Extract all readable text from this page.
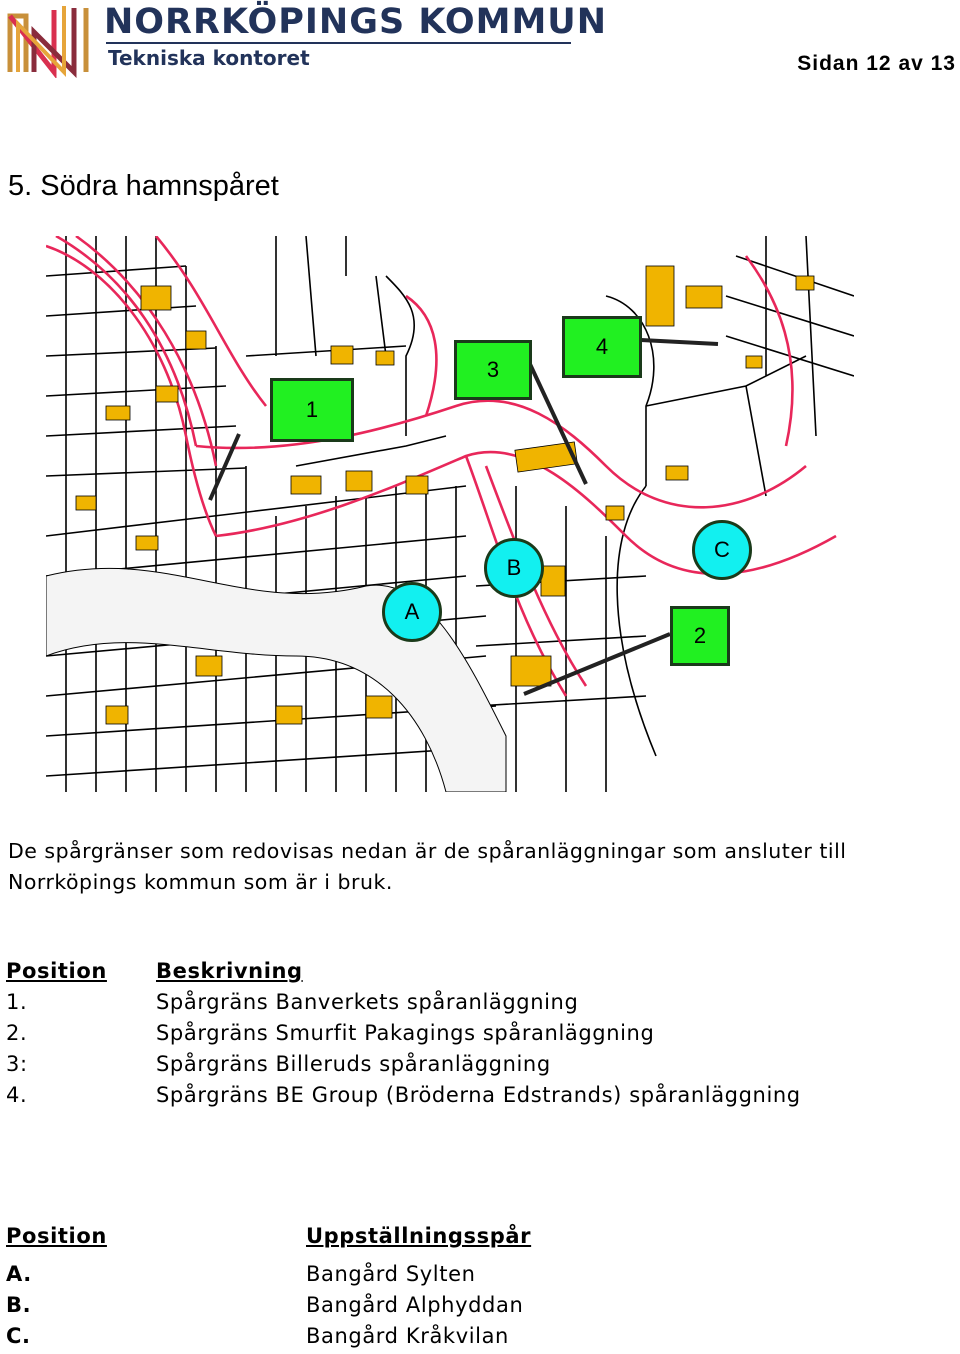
NORRKÖPINGS KOMMUN
Tekniska kontoret	Sidan 12 av 13
5. Södra hamnspåret
1
3
4
2
A
B
C

De spårgränser som redovisas nedan är de spåranläggningar som ansluter till Norrköpings kommun som är i bruk.

Position	Beskrivning
1.	Spårgräns Banverkets spåranläggning
2.	Spårgräns Smurfit Pakagings spåranläggning
3:	Spårgräns Billeruds spåranläggning
4.	Spårgräns BE Group (Bröderna Edstrands) spåranläggning
Position	Uppställningsspår
A.	Bangård Sylten
B.	Bangård Alphyddan
C.	Bangård Kråkvilan
